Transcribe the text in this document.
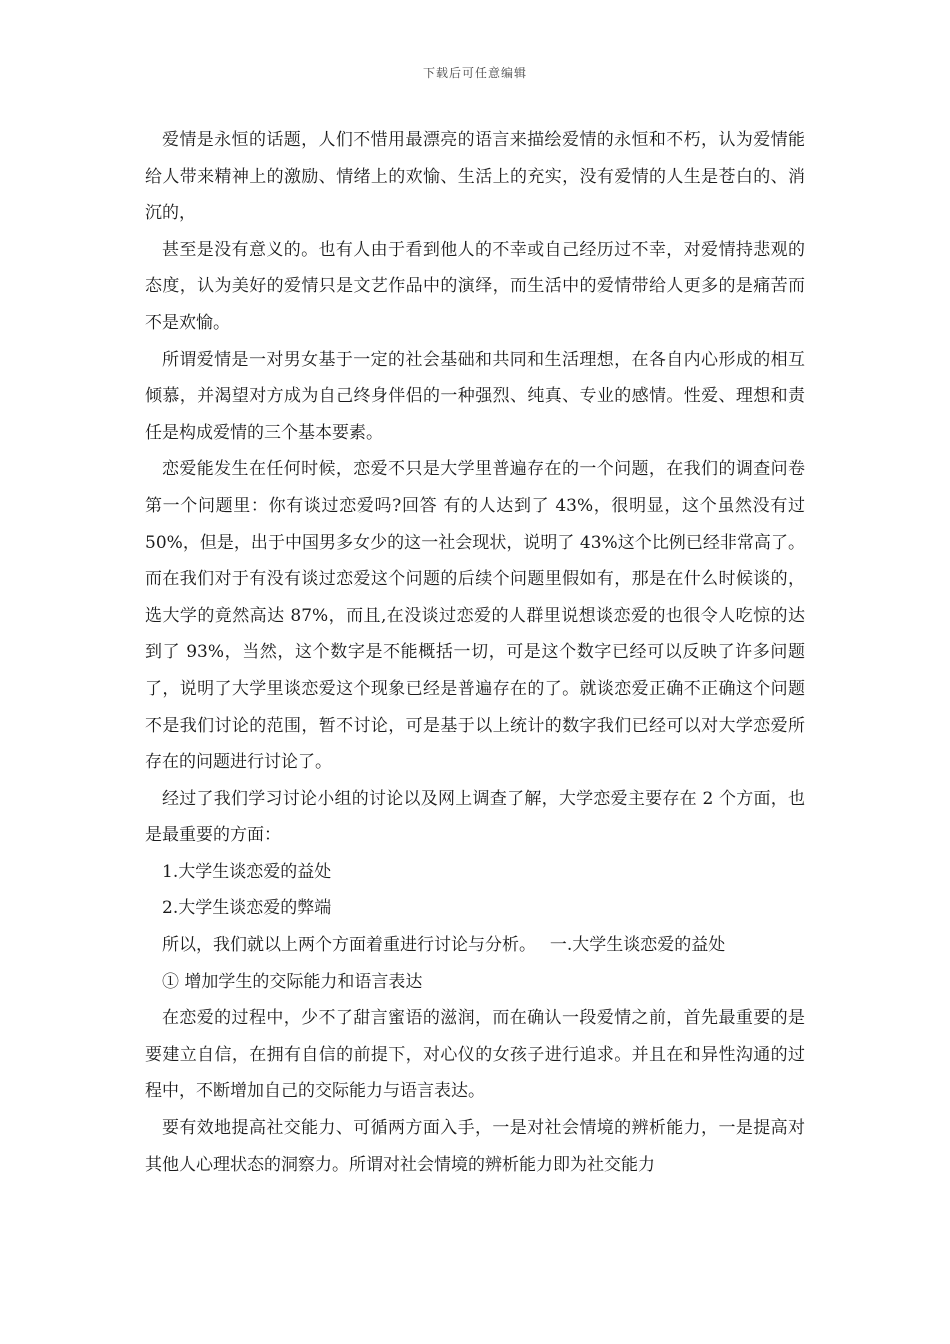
下载后可任意编辑

爱情是永恒的话题，人们不惜用最漂亮的语言来描绘爱情的永恒和不朽，认为爱情能给人带来精神上的激励、情绪上的欢愉、生活上的充实，没有爱情的人生是苍白的、消沉的，

甚至是没有意义的。也有人由于看到他人的不幸或自己经历过不幸，对爱情持悲观的态度，认为美好的爱情只是文艺作品中的演绎，而生活中的爱情带给人更多的是痛苦而不是欢愉。

所谓爱情是一对男女基于一定的社会基础和共同和生活理想，在各自内心形成的相互倾慕，并渴望对方成为自己终身伴侣的一种强烈、纯真、专业的感情。性爱、理想和责任是构成爱情的三个基本要素。

恋爱能发生在任何时候，恋爱不只是大学里普遍存在的一个问题，在我们的调查问卷第一个问题里：你有谈过恋爱吗?回答 有的人达到了 43%，很明显，这个虽然没有过 50%，但是，出于中国男多女少的这一社会现状，说明了 43%这个比例已经非常高了。而在我们对于有没有谈过恋爱这个问题的后续个问题里假如有，那是在什么时候谈的，选大学的竟然高达 87%，而且,在没谈过恋爱的人群里说想谈恋爱的也很令人吃惊的达到了 93%，当然，这个数字是不能概括一切，可是这个数字已经可以反映了许多问题了，说明了大学里谈恋爱这个现象已经是普遍存在的了。就谈恋爱正确不正确这个问题不是我们讨论的范围，暂不讨论，可是基于以上统计的数字我们已经可以对大学恋爱所存在的问题进行讨论了。

经过了我们学习讨论小组的讨论以及网上调查了解，大学恋爱主要存在 2 个方面，也是最重要的方面：

1.大学生谈恋爱的益处

2.大学生谈恋爱的弊端

所以，我们就以上两个方面着重进行讨论与分析。　 一.大学生谈恋爱的益处

① 增加学生的交际能力和语言表达

在恋爱的过程中，少不了甜言蜜语的滋润，而在确认一段爱情之前，首先最重要的是要建立自信，在拥有自信的前提下，对心仪的女孩子进行追求。并且在和异性沟通的过程中，不断增加自己的交际能力与语言表达。

要有效地提高社交能力、可循两方面入手，一是对社会情境的辨析能力，一是提高对其他人心理状态的洞察力。所谓对社会情境的辨析能力即为社交能力
